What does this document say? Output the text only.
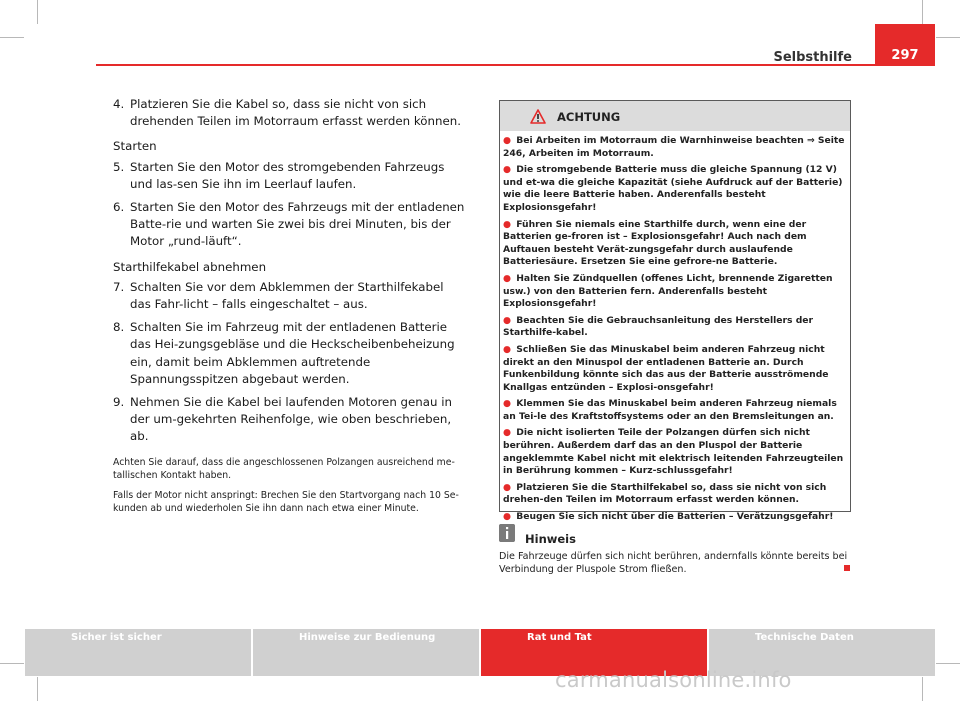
Selbsthilfe	297
4. Platzieren Sie die Kabel so, dass sie nicht von sich drehenden Teilen im Motorraum erfasst werden können.
Starten
5. Starten Sie den Motor des stromgebenden Fahrzeugs und las-sen Sie ihn im Leerlauf laufen.
6. Starten Sie den Motor des Fahrzeugs mit der entladenen Batte-rie und warten Sie zwei bis drei Minuten, bis der Motor „rund-läuft“.
Starthilfekabel abnehmen
7. Schalten Sie vor dem Abklemmen der Starthilfekabel das Fahr-licht – falls eingeschaltet – aus.
8. Schalten Sie im Fahrzeug mit der entladenen Batterie das Hei-zungsgebläse und die Heckscheibenbeheizung ein, damit beim Abklemmen auftretende Spannungsspitzen abgebaut werden.
9. Nehmen Sie die Kabel bei laufenden Motoren genau in der um-gekehrten Reihenfolge, wie oben beschrieben, ab.
Achten Sie darauf, dass die angeschlossenen Polzangen ausreichend me-tallischen Kontakt haben.
Falls der Motor nicht anspringt: Brechen Sie den Startvorgang nach 10 Se-kunden ab und wiederholen Sie ihn dann nach etwa einer Minute.
ACHTUNG
● Bei Arbeiten im Motorraum die Warnhinweise beachten ⇒ Seite 246, Arbeiten im Motorraum.
● Die stromgebende Batterie muss die gleiche Spannung (12 V) und et-wa die gleiche Kapazität (siehe Aufdruck auf der Batterie) wie die leere Batterie haben. Anderenfalls besteht Explosionsgefahr!
● Führen Sie niemals eine Starthilfe durch, wenn eine der Batterien ge-froren ist – Explosionsgefahr! Auch nach dem Auftauen besteht Verät-zungsgefahr durch auslaufende Batteriesäure. Ersetzen Sie eine gefrore-ne Batterie.
● Halten Sie Zündquellen (offenes Licht, brennende Zigaretten usw.) von den Batterien fern. Anderenfalls besteht Explosionsgefahr!
● Beachten Sie die Gebrauchsanleitung des Herstellers der Starthilfe-kabel.
● Schließen Sie das Minuskabel beim anderen Fahrzeug nicht direkt an den Minuspol der entladenen Batterie an. Durch Funkenbildung könnte sich das aus der Batterie ausströmende Knallgas entzünden – Explosi-onsgefahr!
● Klemmen Sie das Minuskabel beim anderen Fahrzeug niemals an Tei-le des Kraftstoffsystems oder an den Bremsleitungen an.
● Die nicht isolierten Teile der Polzangen dürfen sich nicht berühren. Außerdem darf das an den Pluspol der Batterie angeklemmte Kabel nicht mit elektrisch leitenden Fahrzeugteilen in Berührung kommen – Kurz-schlussgefahr!
● Platzieren Sie die Starthilfekabel so, dass sie nicht von sich drehen-den Teilen im Motorraum erfasst werden können.
● Beugen Sie sich nicht über die Batterien – Verätzungsgefahr!
Hinweis
Die Fahrzeuge dürfen sich nicht berühren, andernfalls könnte bereits bei Verbindung der Pluspole Strom fließen.
Sicher ist sicher	Hinweise zur Bedienung	Rat und Tat	Technische Daten
carmanualsonline.info
